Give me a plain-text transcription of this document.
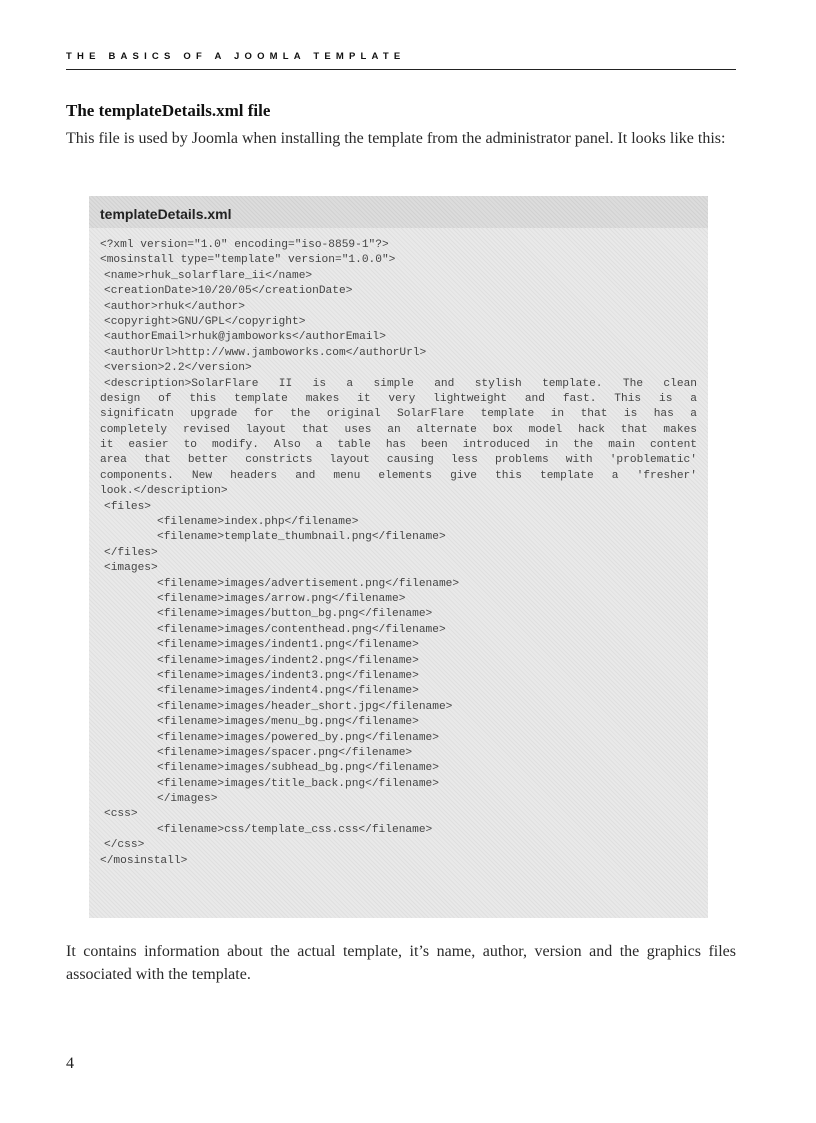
THE BASICS OF A JOOMLA TEMPLATE
The templateDetails.xml file

This file is used by Joomla when installing the template from the administrator panel. It looks like this:

templateDetails.xml
<?xml version="1.0" encoding="iso-8859-1"?>
<mosinstall type="template" version="1.0.0">
<name>rhuk_solarflare_ii</name>
<creationDate>10/20/05</creationDate>
<author>rhuk</author>
<copyright>GNU/GPL</copyright>
<authorEmail>rhuk@jamboworks</authorEmail>
<authorUrl>http://www.jamboworks.com</authorUrl>
<version>2.2</version>
<description>SolarFlare II is a simple and stylish template. The clean
design of this template makes it very lightweight and fast. This is a
significatn upgrade for the original SolarFlare template in that is has a
completely revised layout that uses an alternate box model hack that makes
it easier to modify. Also a table has been introduced in the main content
area that better constricts layout causing less problems with 'problematic'
components. New headers and menu elements give this template a 'fresher'
look.</description>
<files>
<filename>index.php</filename>
<filename>template_thumbnail.png</filename>
</files>
<images>
<filename>images/advertisement.png</filename>
<filename>images/arrow.png</filename>
<filename>images/button_bg.png</filename>
<filename>images/contenthead.png</filename>
<filename>images/indent1.png</filename>
<filename>images/indent2.png</filename>
<filename>images/indent3.png</filename>
<filename>images/indent4.png</filename>
<filename>images/header_short.jpg</filename>
<filename>images/menu_bg.png</filename>
<filename>images/powered_by.png</filename>
<filename>images/spacer.png</filename>
<filename>images/subhead_bg.png</filename>
<filename>images/title_back.png</filename>
</images>
<css>
<filename>css/template_css.css</filename>
</css>
</mosinstall>

It contains information about the actual template, it’s name, author, version and the graphics files associated with the template.

4
